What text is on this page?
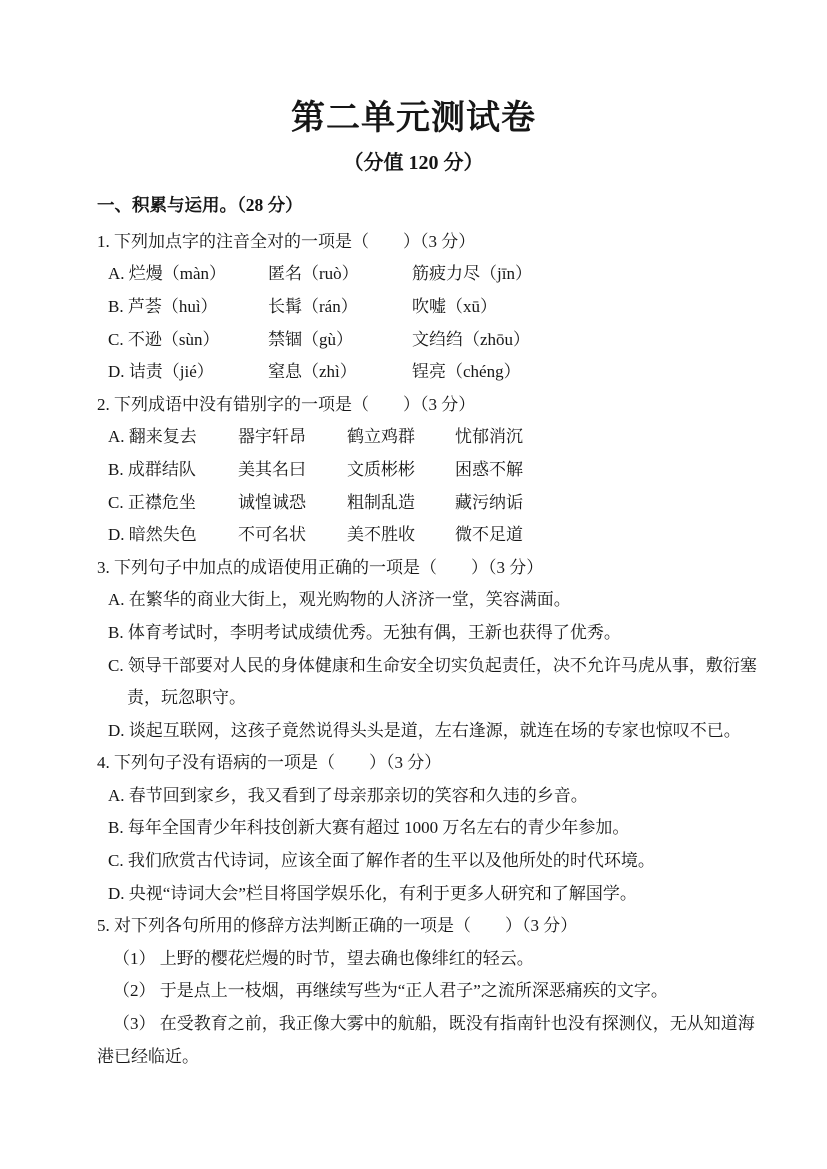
第二单元测试卷
（分值 120 分）
一、积累与运用。（28 分）
1. 下列加点字的注音全对的一项是（　　）（3 分）
A. 烂熳（màn）	匿名（ruò）	筋疲力尽（jīn）
B. 芦荟（huì）	长髯（rán）	吹嘘（xū）
C. 不逊（sùn）	禁锢（gù）	文绉绉（zhōu）
D. 诘责（jié）	窒息（zhì）	锃亮（chéng）
2. 下列成语中没有错别字的一项是（　　）（3 分）
A. 翻来复去	器宇轩昂	鹤立鸡群	忧郁消沉
B. 成群结队	美其名曰	文质彬彬	困惑不解
C. 正襟危坐	诚惶诚恐	粗制乱造	藏污纳诟
D. 暗然失色	不可名状	美不胜收	微不足道
3. 下列句子中加点的成语使用正确的一项是（　　）（3 分）
A. 在繁华的商业大街上，观光购物的人济济一堂，笑容满面。
B. 体育考试时，李明考试成绩优秀。无独有偶，王新也获得了优秀。
C. 领导干部要对人民的身体健康和生命安全切实负起责任，决不允许马虎从事，敷衍塞
责，玩忽职守。
D. 谈起互联网，这孩子竟然说得头头是道，左右逢源，就连在场的专家也惊叹不已。
4. 下列句子没有语病的一项是（　　）（3 分）
A. 春节回到家乡，我又看到了母亲那亲切的笑容和久违的乡音。
B. 每年全国青少年科技创新大赛有超过 1000 万名左右的青少年参加。
C. 我们欣赏古代诗词，应该全面了解作者的生平以及他所处的时代环境。
D. 央视“诗词大会”栏目将国学娱乐化，有利于更多人研究和了解国学。
5. 对下列各句所用的修辞方法判断正确的一项是（　　）（3 分）
（1） 上野的樱花烂熳的时节，望去确也像绯红的轻云。
（2） 于是点上一枝烟，再继续写些为“正人君子”之流所深恶痛疾的文字。
（3） 在受教育之前，我正像大雾中的航船，既没有指南针也没有探测仪，无从知道海
港已经临近。
